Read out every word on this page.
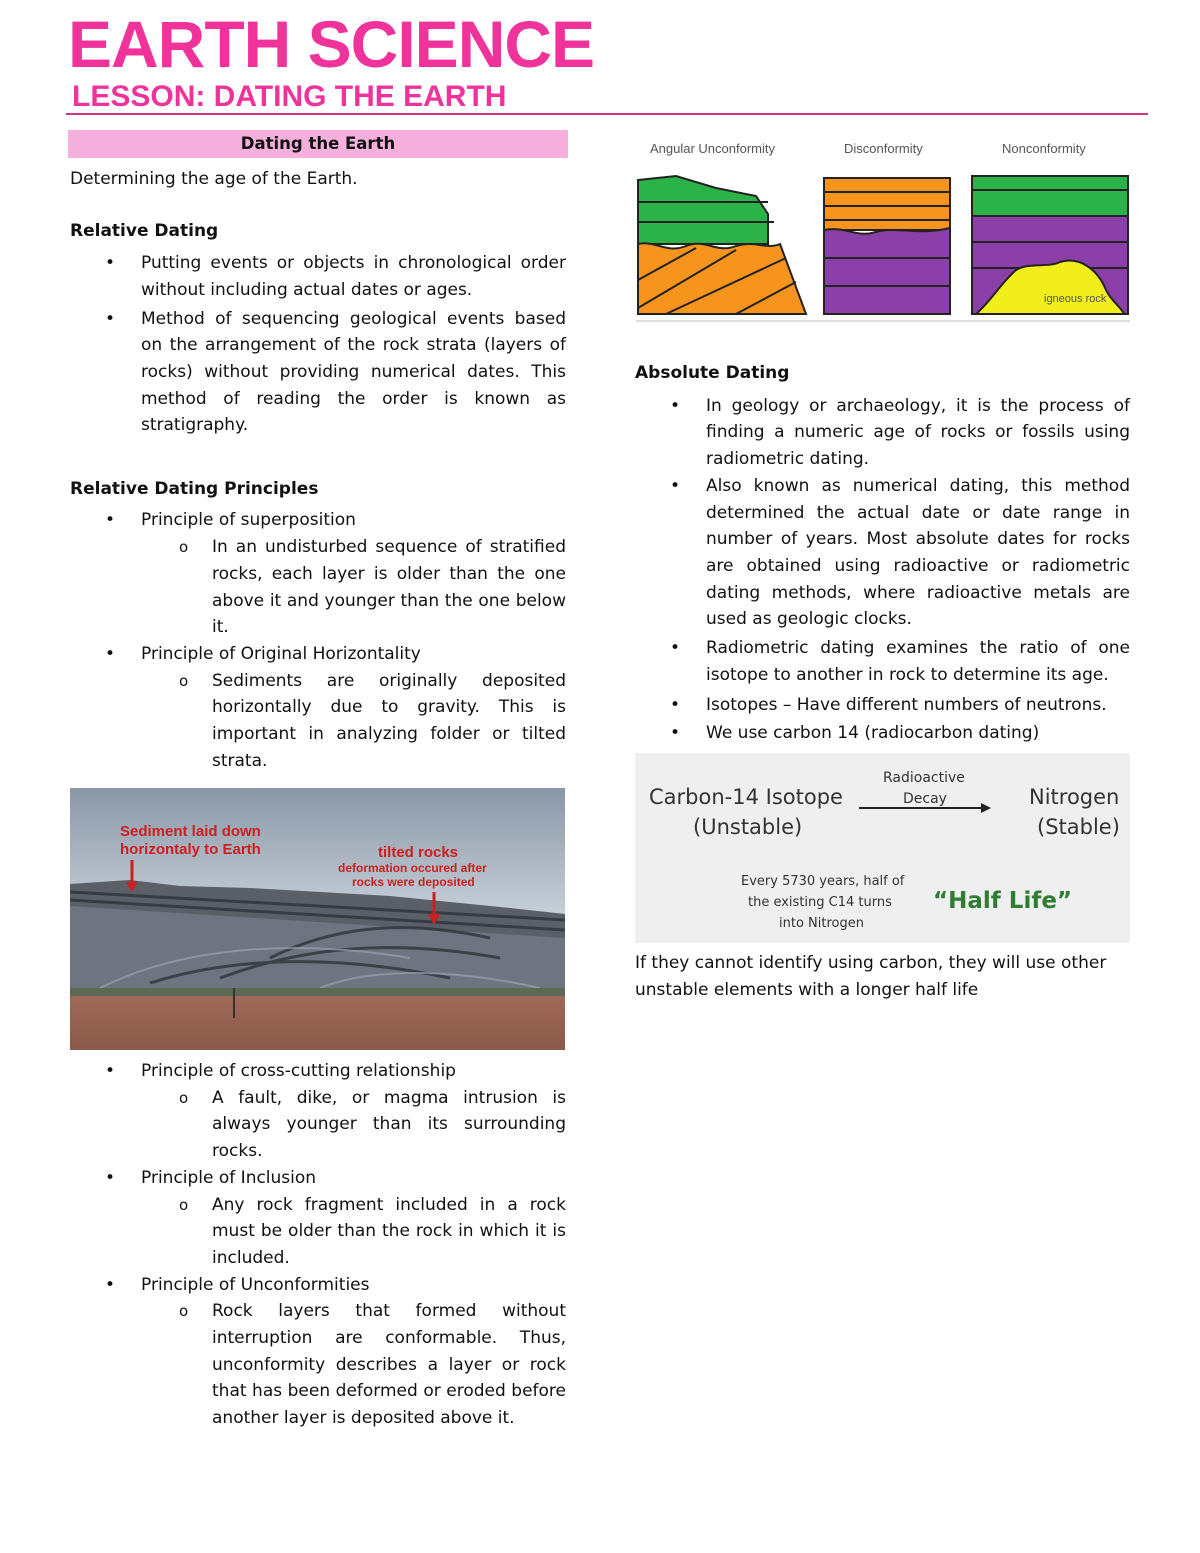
EARTH SCIENCE
LESSON: DATING THE EARTH
Dating the Earth

Determining the age of the Earth.

Relative Dating
• Putting events or objects in chronological order without including actual dates or ages.
• Method of sequencing geological events based on the arrangement of the rock strata (layers of rocks) without providing numerical dates. This method of reading the order is known as stratigraphy.
Relative Dating Principles
• Principle of superposition
o In an undisturbed sequence of stratified rocks, each layer is older than the one above it and younger than the one below it.
• Principle of Original Horizontality
o Sediments are originally deposited horizontally due to gravity. This is important in analyzing folder or tilted strata.
Sediment laid down
horizontaly to Earth	tilted rocks
deformation occured after
rocks were deposited
• Principle of cross-cutting relationship
o A fault, dike, or magma intrusion is always younger than its surrounding rocks.
• Principle of Inclusion
o Any rock fragment included in a rock must be older than the rock in which it is included.
• Principle of Unconformities
o Rock layers that formed without interruption are conformable. Thus, unconformity describes a layer or rock that has been deformed or eroded before another layer is deposited above it.
Angular Unconformity	Disconformity	Nonconformity
igneous rock
Absolute Dating
• In geology or archaeology, it is the process of finding a numeric age of rocks or fossils using radiometric dating.
• Also known as numerical dating, this method determined the actual date or date range in number of years. Most absolute dates for rocks are obtained using radioactive or radiometric dating methods, where radioactive metals are used as geologic clocks.
• Radiometric dating examines the ratio of one isotope to another in rock to determine its age.
• Isotopes – Have different numbers of neutrons.
• We use carbon 14 (radiocarbon dating)
Carbon-14 Isotope
(Unstable)
Radioactive
Decay	Nitrogen
(Stable)
Every 5730 years, half of
the existing C14 turns
into Nitrogen
“Half Life”
If they cannot identify using carbon, they will use other unstable elements with a longer half life
